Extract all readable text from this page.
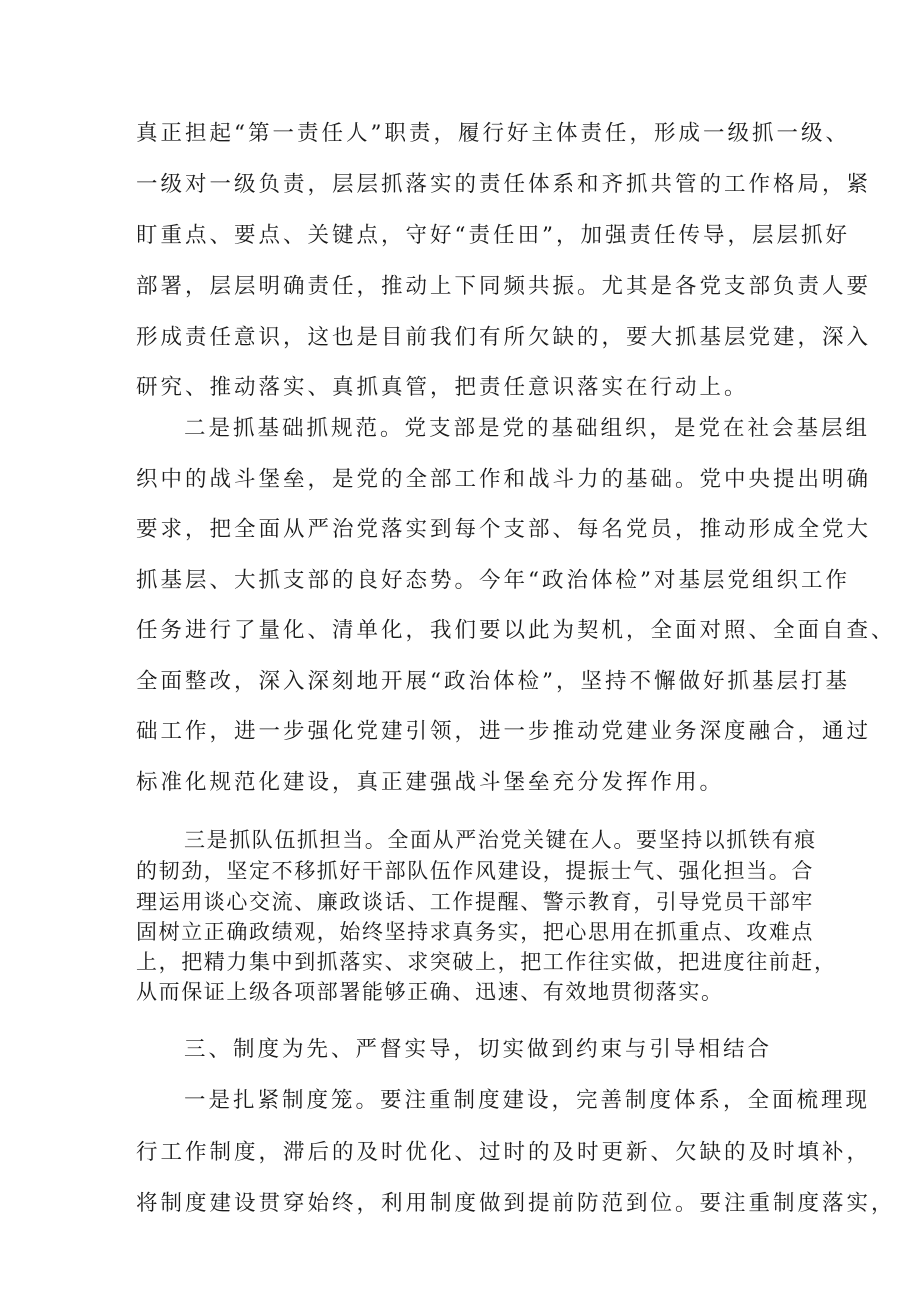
真正担起“第一责任人”职责，履行好主体责任，形成一级抓一级、
一级对一级负责，层层抓落实的责任体系和齐抓共管的工作格局，紧
盯重点、要点、关键点，守好“责任田”，加强责任传导，层层抓好
部署，层层明确责任，推动上下同频共振。尤其是各党支部负责人要
形成责任意识，这也是目前我们有所欠缺的，要大抓基层党建，深入
研究、推动落实、真抓真管，把责任意识落实在行动上。
二是抓基础抓规范。党支部是党的基础组织，是党在社会基层组
织中的战斗堡垒，是党的全部工作和战斗力的基础。党中央提出明确
要求，把全面从严治党落实到每个支部、每名党员，推动形成全党大
抓基层、大抓支部的良好态势。今年“政治体检”对基层党组织工作
任务进行了量化、清单化，我们要以此为契机，全面对照、全面自查、
全面整改，深入深刻地开展“政治体检”，坚持不懈做好抓基层打基
础工作，进一步强化党建引领，进一步推动党建业务深度融合，通过
标准化规范化建设，真正建强战斗堡垒充分发挥作用。
三是抓队伍抓担当。全面从严治党关键在人。要坚持以抓铁有痕
的韧劲，坚定不移抓好干部队伍作风建设，提振士气、强化担当。合
理运用谈心交流、廉政谈话、工作提醒、警示教育，引导党员干部牢
固树立正确政绩观，始终坚持求真务实，把心思用在抓重点、攻难点
上，把精力集中到抓落实、求突破上，把工作往实做，把进度往前赶，
从而保证上级各项部署能够正确、迅速、有效地贯彻落实。
三、制度为先、严督实导，切实做到约束与引导相结合
一是扎紧制度笼。要注重制度建设，完善制度体系，全面梳理现
行工作制度，滞后的及时优化、过时的及时更新、欠缺的及时填补，
将制度建设贯穿始终，利用制度做到提前防范到位。要注重制度落实，
